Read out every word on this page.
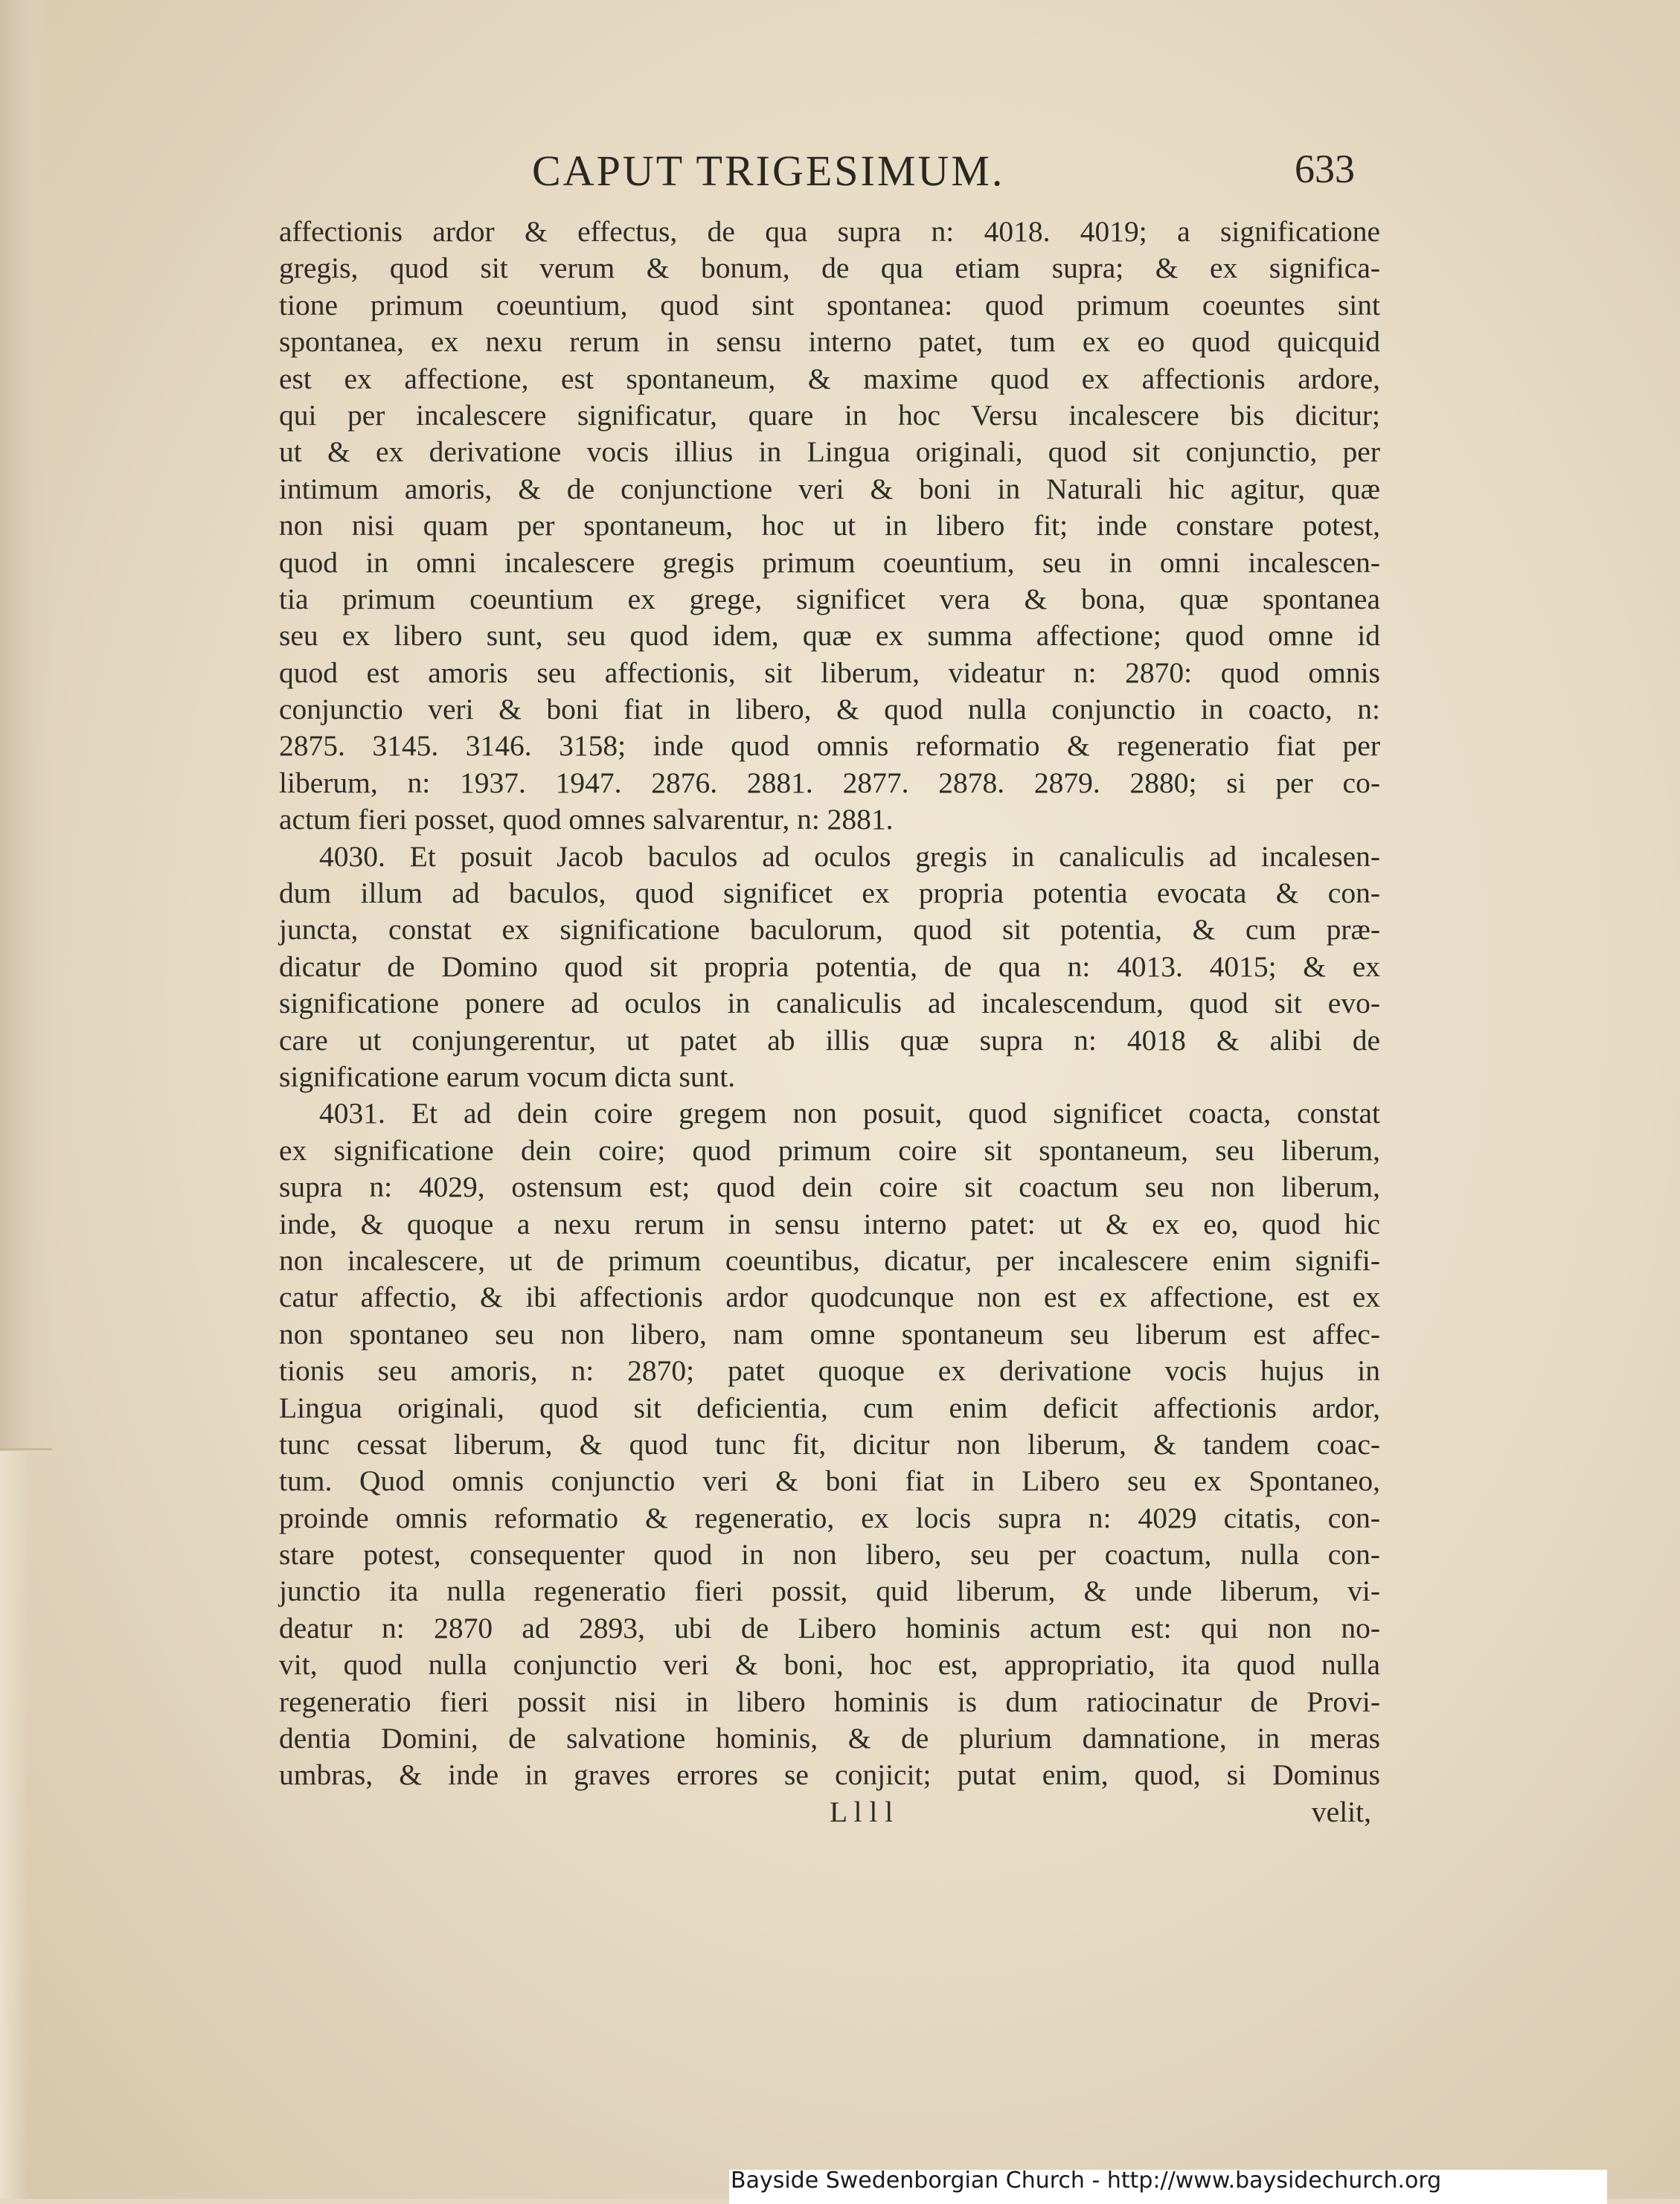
CAPUT TRIGESIMUM.	633
affectionis ardor & effectus, de qua supra n: 4018. 4019; a significatione
gregis, quod sit verum & bonum, de qua etiam supra; & ex significa-
tione primum coeuntium, quod sint spontanea: quod primum coeuntes sint
spontanea, ex nexu rerum in sensu interno patet, tum ex eo quod quicquid
est ex affectione, est spontaneum, & maxime quod ex affectionis ardore,
qui per incalescere significatur, quare in hoc Versu incalescere bis dicitur;
ut & ex derivatione vocis illius in Lingua originali, quod sit conjunctio, per
intimum amoris, & de conjunctione veri & boni in Naturali hic agitur, quæ
non nisi quam per spontaneum, hoc ut in libero fit; inde constare potest,
quod in omni incalescere gregis primum coeuntium, seu in omni incalescen-
tia primum coeuntium ex grege, significet vera & bona, quæ spontanea
seu ex libero sunt, seu quod idem, quæ ex summa affectione; quod omne id
quod est amoris seu affectionis, sit liberum, videatur n: 2870: quod omnis
conjunctio veri & boni fiat in libero, & quod nulla conjunctio in coacto, n:
2875. 3145. 3146. 3158; inde quod omnis reformatio & regeneratio fiat per
liberum, n: 1937. 1947. 2876. 2881. 2877. 2878. 2879. 2880; si per co-
actum fieri posset, quod omnes salvarentur, n: 2881.
4030. Et posuit Jacob baculos ad oculos gregis in canaliculis ad incalesen-
dum illum ad baculos, quod significet ex propria potentia evocata & con-
juncta, constat ex significatione baculorum, quod sit potentia, & cum præ-
dicatur de Domino quod sit propria potentia, de qua n: 4013. 4015; & ex
significatione ponere ad oculos in canaliculis ad incalescendum, quod sit evo-
care ut conjungerentur, ut patet ab illis quæ supra n: 4018 & alibi de
significatione earum vocum dicta sunt.
4031. Et ad dein coire gregem non posuit, quod significet coacta, constat
ex significatione dein coire; quod primum coire sit spontaneum, seu liberum,
supra n: 4029, ostensum est; quod dein coire sit coactum seu non liberum,
inde, & quoque a nexu rerum in sensu interno patet: ut & ex eo, quod hic
non incalescere, ut de primum coeuntibus, dicatur, per incalescere enim signifi-
catur affectio, & ibi affectionis ardor quodcunque non est ex affectione, est ex
non spontaneo seu non libero, nam omne spontaneum seu liberum est affec-
tionis seu amoris, n: 2870; patet quoque ex derivatione vocis hujus in
Lingua originali, quod sit deficientia, cum enim deficit affectionis ardor,
tunc cessat liberum, & quod tunc fit, dicitur non liberum, & tandem coac-
tum. Quod omnis conjunctio veri & boni fiat in Libero seu ex Spontaneo,
proinde omnis reformatio & regeneratio, ex locis supra n: 4029 citatis, con-
stare potest, consequenter quod in non libero, seu per coactum, nulla con-
junctio ita nulla regeneratio fieri possit, quid liberum, & unde liberum, vi-
deatur n: 2870 ad 2893, ubi de Libero hominis actum est: qui non no-
vit, quod nulla conjunctio veri & boni, hoc est, appropriatio, ita quod nulla
regeneratio fieri possit nisi in libero hominis is dum ratiocinatur de Provi-
dentia Domini, de salvatione hominis, & de plurium damnatione, in meras
umbras, & inde in graves errores se conjicit; putat enim, quod, si Dominus
L l l l	velit,
Bayside Swedenborgian Church - http://www.baysidechurch.org
